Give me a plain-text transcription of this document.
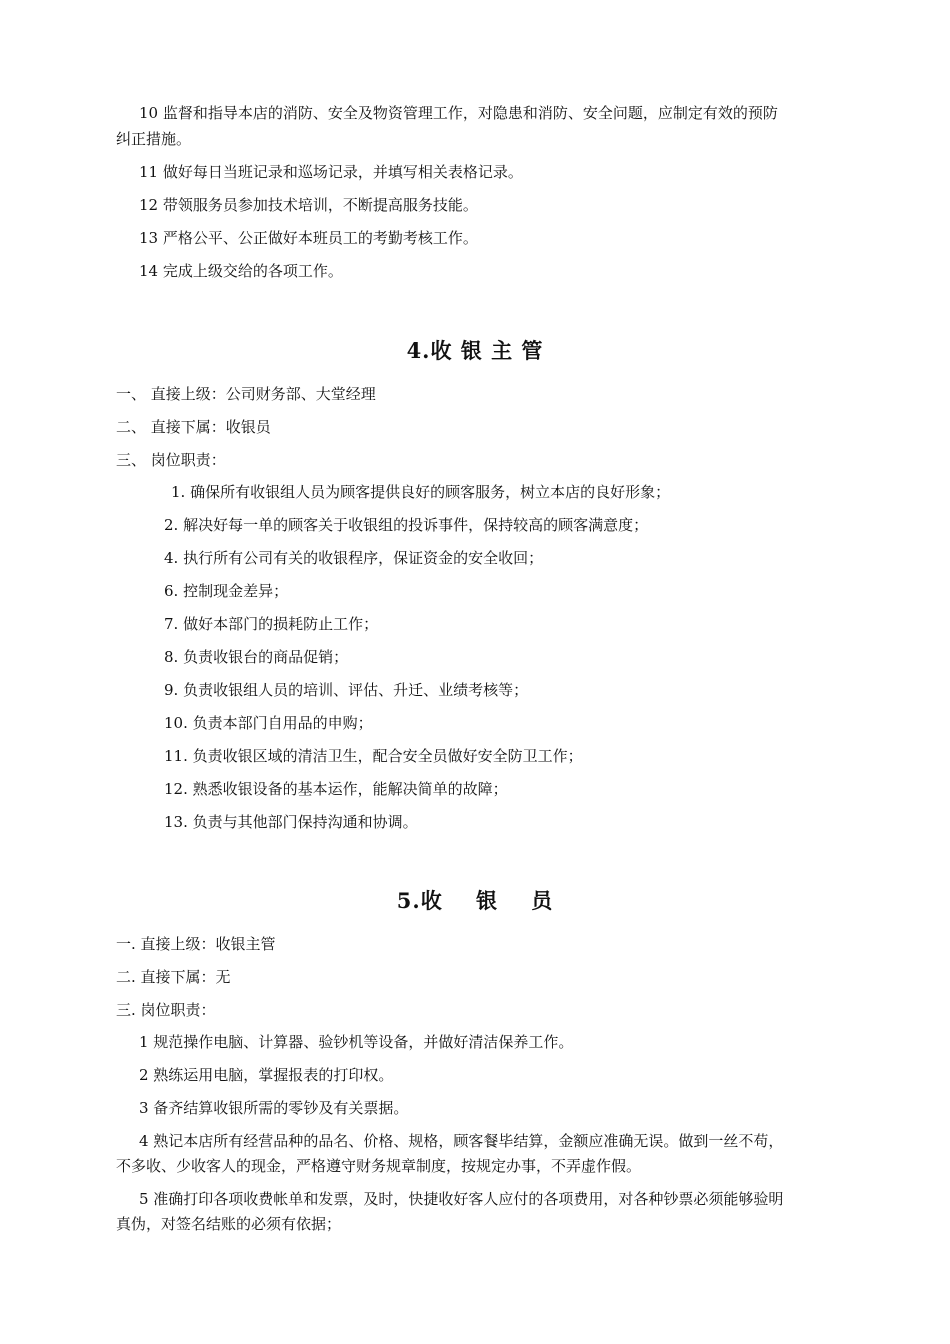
10 监督和指导本店的消防、安全及物资管理工作，对隐患和消防、安全问题，应制定有效的预防
纠正措施。
11 做好每日当班记录和巡场记录，并填写相关表格记录。
12 带领服务员参加技术培训，不断提高服务技能。
13 严格公平、公正做好本班员工的考勤考核工作。
14 完成上级交给的各项工作。
4.收 银 主 管
一、 直接上级：公司财务部、大堂经理
二、 直接下属：收银员
三、 岗位职责：
1. 确保所有收银组人员为顾客提供良好的顾客服务，树立本店的良好形象；
2. 解决好每一单的顾客关于收银组的投诉事件，保持较高的顾客满意度；
4. 执行所有公司有关的收银程序，保证资金的安全收回；
6. 控制现金差异；
7. 做好本部门的损耗防止工作；
8. 负责收银台的商品促销；
9. 负责收银组人员的培训、评估、升迁、业绩考核等；
10. 负责本部门自用品的申购；
11. 负责收银区域的清洁卫生，配合安全员做好安全防卫工作；
12. 熟悉收银设备的基本运作，能解决简单的故障；
13. 负责与其他部门保持沟通和协调。
5.收    银    员
一. 直接上级：收银主管
二. 直接下属：无
三. 岗位职责：
1 规范操作电脑、计算器、验钞机等设备，并做好清洁保养工作。
2 熟练运用电脑，掌握报表的打印权。
3 备齐结算收银所需的零钞及有关票据。
4 熟记本店所有经营品种的品名、价格、规格，顾客餐毕结算，金额应准确无误。做到一丝不苟，
不多收、少收客人的现金，严格遵守财务规章制度，按规定办事，不弄虚作假。
5 准确打印各项收费帐单和发票，及时，快捷收好客人应付的各项费用，对各种钞票必须能够验明
真伪，对签名结账的必须有依据；
